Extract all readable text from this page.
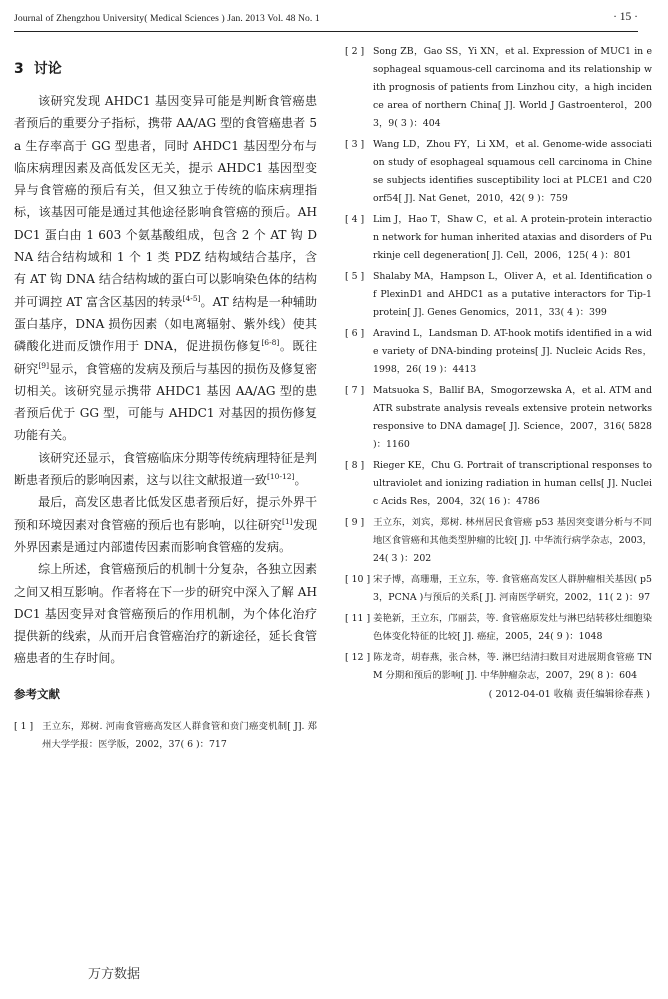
Journal of Zhengzhou University( Medical Sciences ) Jan. 2013 Vol. 48 No. 1	· 15 ·
3 讨论

该研究发现 AHDC1 基因变异可能是判断食管癌患者预后的重要分子指标，携带 AA/AG 型的食管癌患者 5 a 生存率高于 GG 型患者，同时 AHDC1 基因型分布与临床病理因素及高低发区无关，提示 AHDC1 基因型变异与食管癌的预后有关，但又独立于传统的临床病理指标，该基因可能是通过其他途径影响食管癌的预后。AHDC1 蛋白由 1 603 个氨基酸组成，包含 2 个 AT 钩 DNA 结合结构域和 1 个 1 类 PDZ 结构域结合基序，含有 AT 钩 DNA 结合结构域的蛋白可以影响染色体的结构并可调控 AT 富含区基因的转录[4-5]。AT 结构是一种辅助蛋白基序，DNA 损伤因素（如电离辐射、紫外线）使其磷酸化进而反馈作用于 DNA，促进损伤修复[6-8]。既往研究[9]显示，食管癌的发病及预后与基因的损伤及修复密切相关。该研究显示携带 AHDC1 基因 AA/AG 型的患者预后优于 GG 型，可能与 AHDC1 对基因的损伤修复功能有关。

该研究还显示，食管癌临床分期等传统病理特征是判断患者预后的影响因素，这与以往文献报道一致[10-12]。

最后，高发区患者比低发区患者预后好，提示外界干预和环境因素对食管癌的预后也有影响，以往研究[1]发现外界因素是通过内部遗传因素而影响食管癌的发病。

综上所述，食管癌预后的机制十分复杂，各独立因素之间又相互影响。作者将在下一步的研究中深入了解 AHDC1 基因变异对食管癌预后的作用机制，为个体化治疗提供新的线索，从而开启食管癌治疗的新途径，延长食管癌患者的生存时间。

参考文献
[ 1 ] 王立东，郑树. 河南食管癌高发区人群食管和贲门癌变机制[ J]. 郑州大学学报：医学版，2002，37( 6 )：717
[ 2 ] Song ZB，Gao SS，Yi XN，et al. Expression of MUC1 in esophageal squamous-cell carcinoma and its relationship with prognosis of patients from Linzhou city，a high incidence area of northern China[ J]. World J Gastroenterol，2003，9( 3 )：404
[ 3 ] Wang LD，Zhou FY，Li XM，et al. Genome-wide association study of esophageal squamous cell carcinoma in Chinese subjects identifies susceptibility loci at PLCE1 and C20orf54[ J]. Nat Genet，2010，42( 9 )：759
[ 4 ] Lim J，Hao T，Shaw C，et al. A protein-protein interaction network for human inherited ataxias and disorders of Purkinje cell degeneration[ J]. Cell，2006，125( 4 )：801
[ 5 ] Shalaby MA，Hampson L，Oliver A，et al. Identification of PlexinD1 and AHDC1 as a putative interactors for Tip-1 protein[ J]. Genes Genomics，2011，33( 4 )：399
[ 6 ] Aravind L，Landsman D. AT-hook motifs identified in a wide variety of DNA-binding proteins[ J]. Nucleic Acids Res，1998，26( 19 )：4413
[ 7 ] Matsuoka S，Ballif BA，Smogorzewska A，et al. ATM and ATR substrate analysis reveals extensive protein networks responsive to DNA damage[ J]. Science，2007，316( 5828 )：1160
[ 8 ] Rieger KE，Chu G. Portrait of transcriptional responses to ultraviolet and ionizing radiation in human cells[ J]. Nucleic Acids Res，2004，32( 16 )：4786
[ 9 ] 王立东，刘宾，郑树. 林州居民食管癌 p53 基因突变谱分析与不同地区食管癌和其他类型肿瘤的比较[ J]. 中华流行病学杂志，2003，24( 3 )：202
[ 10 ] 宋子博，高珊珊，王立东，等. 食管癌高发区人群肿瘤相关基因( p53，PCNA )与预后的关系[ J]. 河南医学研究，2002，11( 2 )：97
[ 11 ] 姜艳新，王立东，邝丽芸，等. 食管癌原发灶与淋巴结转移灶细胞染色体变化特征的比较[ J]. 癌症，2005，24( 9 )：1048
[ 12 ] 陈龙奇，胡春燕，张合林，等. 淋巴结清扫数目对进展期食管癌 TNM 分期和预后的影响[ J]. 中华肿瘤杂志，2007，29( 8 )：604
( 2012-04-01 收稿 责任编辑徐春燕 )
万方数据
